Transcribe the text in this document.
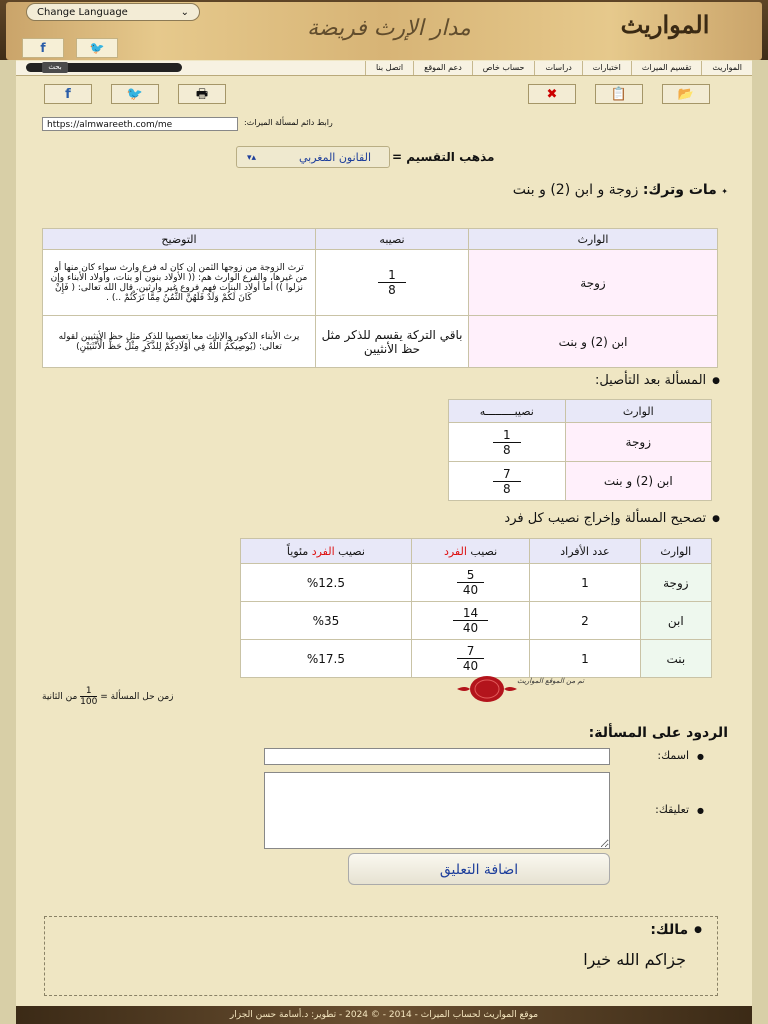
Change Language	⌄
f	🐦
مدار الإرث فريضة	المواريث
المواريثتقسيم الميراثاختباراتدراساتحساب خاصدعم الموقعاتصل بنا
بحث
f	🐦	🖶	✖	📋	📂
https://almwareeth.com/me	رابط دائم لمسألة الميراث:
مذهب التقسيم =
القانون المغربي
▴▾
✦ مات وترك: زوجة و ابن (2) و بنت
الوارث	نصيبه	التوضيح
زوجة	$\frac{1}{8}$	ترث الزوجة من زوجها الثمن إن كان له فرع وارث سواء كان منها أو من غيرها، والفرع الوارث هم: (( الأولاد بنون أو بنات، وأولاد الأبناء وإن نزلوا )) أما أولاد البنات فهم فروع غير وارثين. قال الله تعالى: ( فَإِنْ كَانَ لَكُمْ وَلَدٌ فَلَهُنَّ الثُّمُنُ مِمَّا تَرَكْتُمْ ..) .
ابن (2) و بنت	باقي التركة يقسم للذكر مثل حظ الأنثيين	يرث الأبناء الذكور والإناث معا تعصيبا للذكر مثل حظ الأنثيين لقوله تعالى: (يُوصِيكُمُ اللَّهُ فِي أَوْلَادِكُمْ لِلذَّكَرِ مِثْلُ حَظِّ الْأُنْثَيَيْنِ)
● المسألة بعد التأصيل:
الوارث	نصيبـــــــــه
زوجة	$\frac{1}{8}$

ابن (2) و بنت	$\frac{7}{8}$
● تصحيح المسألة وإخراج نصيب كل فرد
الوارث	عدد الأفراد	نصيب الفرد	نصيب الفرد مئوياً
زوجة	1	$\frac{5}{40}$	%12.5
ابن	2	$\frac{14}{40}$	%35
بنت	1	$\frac{7}{40}$	%17.5
تم من الموقع المواريث
زمن حل المسألة =
$\frac{1}{100}$
من الثانية
الردود على المسألة:
● اسمك:
● تعليقك:
اضافة التعليق
● مالك:
جزاكم الله خيرا
موقع المواريث لحساب الميراث - 2014 - © 2024 - تطوير: د.أسامة حسن الجزار
